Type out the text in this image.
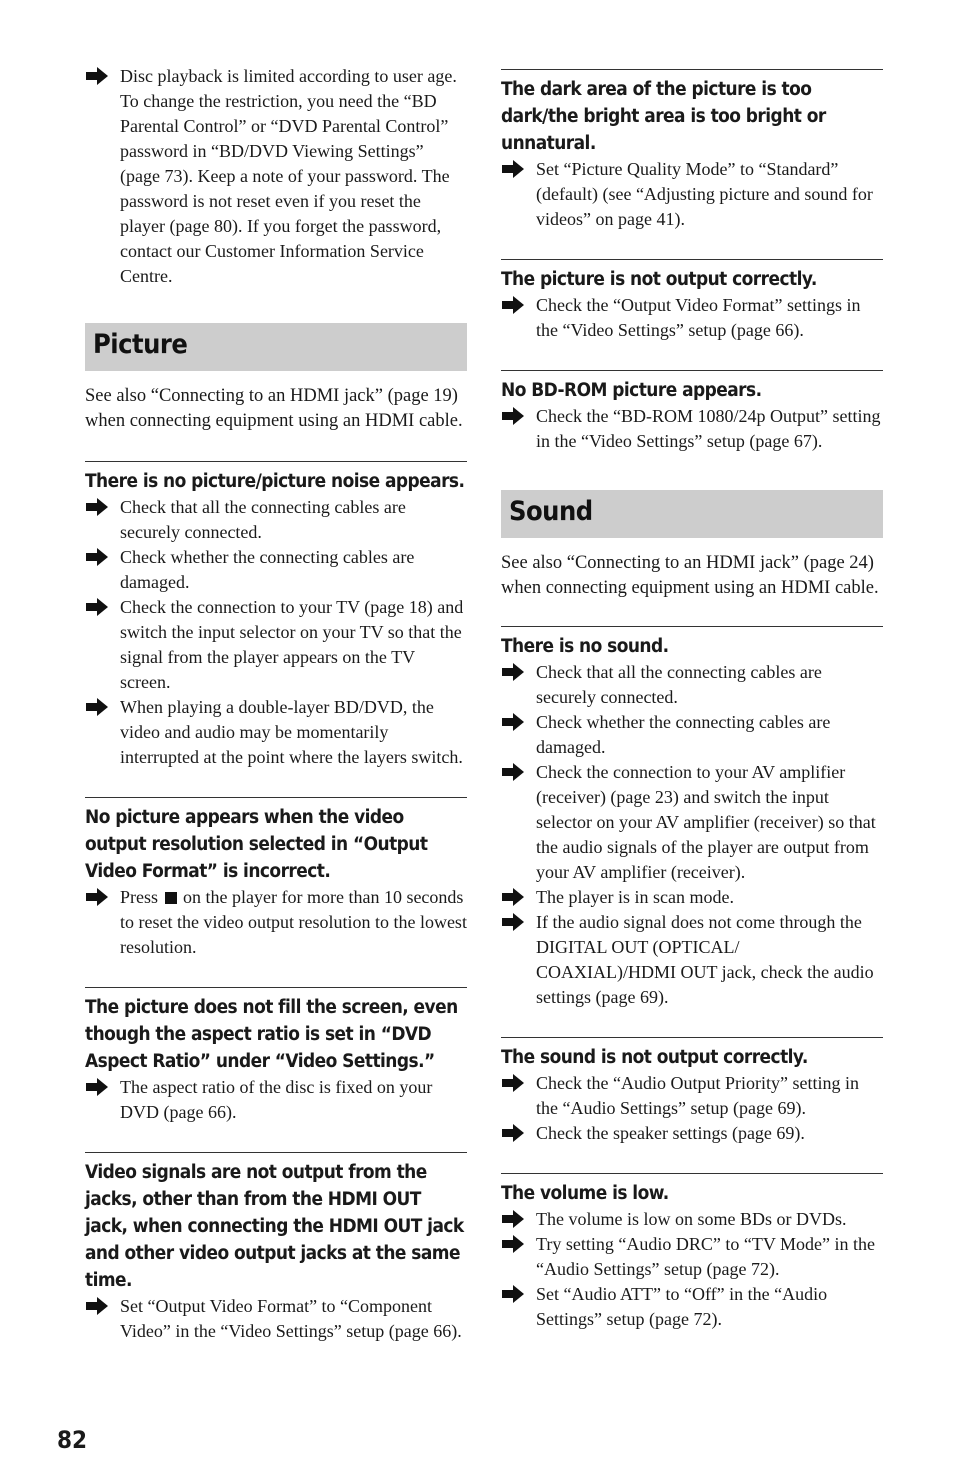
Disc playback is limited according to user age. To change the restriction, you need the “BD Parental Control” or “DVD Parental Control” password in “BD/DVD Viewing Settings” (page 73). Keep a note of your password. The password is not reset even if you reset the player (page 80). If you forget the password, contact our Customer Information Service Centre.
Picture

See also “Connecting to an HDMI jack” (page 19) when connecting equipment using an HDMI cable.

There is no picture/picture noise appears.
Check that all the connecting cables are securely connected.
Check whether the connecting cables are damaged.
Check the connection to your TV (page 18) and switch the input selector on your TV so that the signal from the player appears on the TV screen.
When playing a double-layer BD/DVD, the video and audio may be momentarily interrupted at the point where the layers switch.
No picture appears when the video output resolution selected in “Output Video Format” is incorrect.
Press on the player for more than 10 seconds to reset the video output resolution to the lowest resolution.
The picture does not fill the screen, even though the aspect ratio is set in “DVD Aspect Ratio” under “Video Settings.”
The aspect ratio of the disc is fixed on your DVD (page 66).
Video signals are not output from the jacks, other than from the HDMI OUT jack, when connecting the HDMI OUT jack and other video output jacks at the same time.
Set “Output Video Format” to “Component Video” in the “Video Settings” setup (page 66).
The dark area of the picture is too dark/the bright area is too bright or unnatural.
Set “Picture Quality Mode” to “Standard” (default) (see “Adjusting picture and sound for videos” on page 41).
The picture is not output correctly.
Check the “Output Video Format” settings in the “Video Settings” setup (page 66).
No BD-ROM picture appears.
Check the “BD-ROM 1080/24p Output” setting in the “Video Settings” setup (page 67).
Sound

See also “Connecting to an HDMI jack” (page 24) when connecting equipment using an HDMI cable.

There is no sound.
Check that all the connecting cables are securely connected.
Check whether the connecting cables are damaged.
Check the connection to your AV amplifier (receiver) (page 23) and switch the input selector on your AV amplifier (receiver) so that the audio signals of the player are output from your AV amplifier (receiver).
The player is in scan mode.
If the audio signal does not come through the DIGITAL OUT (OPTICAL/ COAXIAL)/HDMI OUT jack, check the audio settings (page 69).
The sound is not output correctly.
Check the “Audio Output Priority” setting in the “Audio Settings” setup (page 69).
Check the speaker settings (page 69).
The volume is low.
The volume is low on some BDs or DVDs.
Try setting “Audio DRC” to “TV Mode” in the “Audio Settings” setup (page 72).
Set “Audio ATT” to “Off” in the “Audio Settings” setup (page 72).
82
